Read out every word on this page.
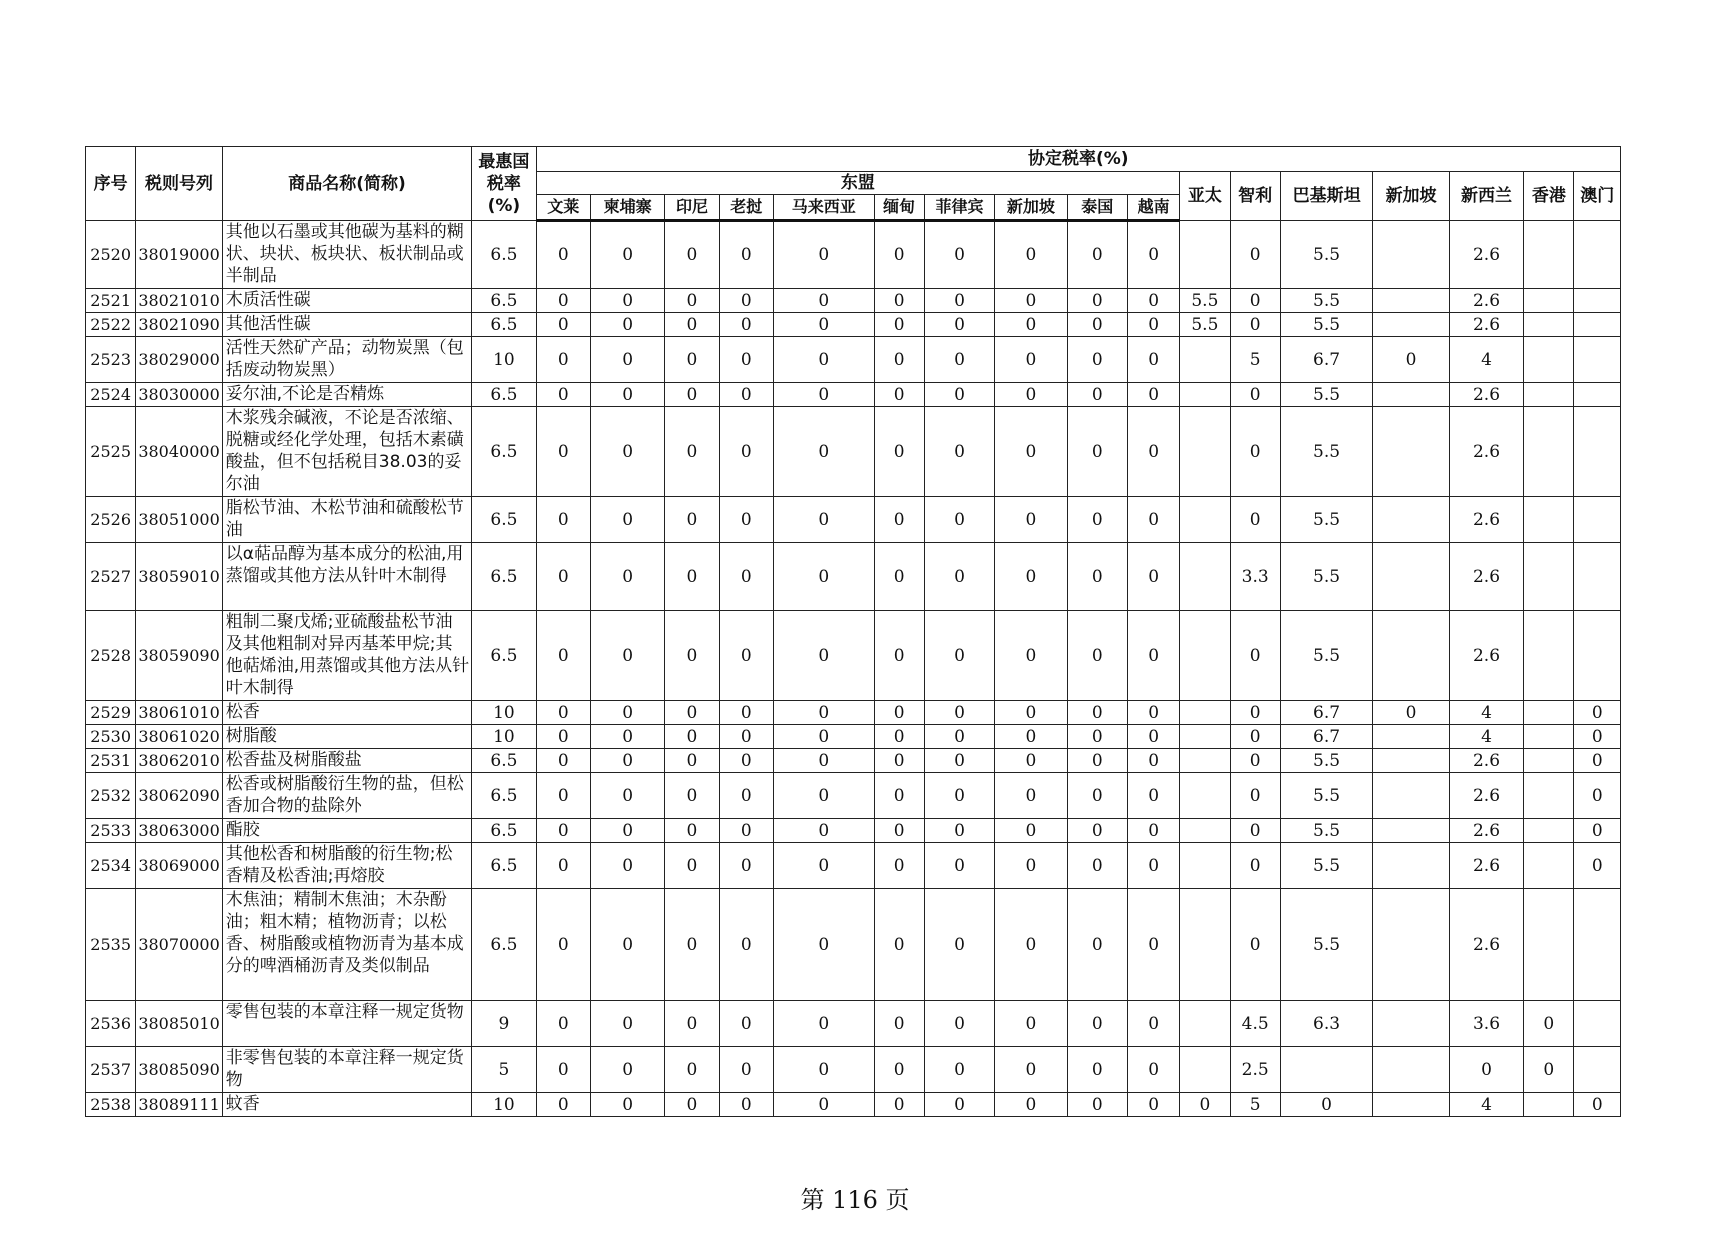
序号	税则号列	商品名称(简称)	最惠国税率(%)	协定税率(%)																
				东盟										亚太	智利	巴基斯坦	新加坡	新西兰	香港	澳门
				文莱	柬埔寨	印尼	老挝	马来西亚	缅甸	菲律宾	新加坡	泰国	越南							
2520	38019000	其他以石墨或其他碳为基料的糊状、块状、板块状、板状制品或半制品	6.5	0	0	0	0	0	0	0	0	0	0		0	5.5		2.6		
2521	38021010	木质活性碳	6.5	0	0	0	0	0	0	0	0	0	0	5.5	0	5.5		2.6		
2522	38021090	其他活性碳	6.5	0	0	0	0	0	0	0	0	0	0	5.5	0	5.5		2.6		
2523	38029000	活性天然矿产品；动物炭黑（包括废动物炭黑）	10	0	0	0	0	0	0	0	0	0	0		5	6.7	0	4		
2524	38030000	妥尔油,不论是否精炼	6.5	0	0	0	0	0	0	0	0	0	0		0	5.5		2.6		
2525	38040000	木浆残余碱液，不论是否浓缩、脱糖或经化学处理，包括木素磺酸盐，但不包括税目38.03的妥尔油	6.5	0	0	0	0	0	0	0	0	0	0		0	5.5		2.6		
2526	38051000	脂松节油、木松节油和硫酸松节油	6.5	0	0	0	0	0	0	0	0	0	0		0	5.5		2.6		
2527	38059010	以α萜品醇为基本成分的松油,用蒸馏或其他方法从针叶木制得	6.5	0	0	0	0	0	0	0	0	0	0		3.3	5.5		2.6		
2528	38059090	粗制二聚戊烯;亚硫酸盐松节油及其他粗制对异丙基苯甲烷;其他萜烯油,用蒸馏或其他方法从针叶木制得	6.5	0	0	0	0	0	0	0	0	0	0		0	5.5		2.6		
2529	38061010	松香	10	0	0	0	0	0	0	0	0	0	0		0	6.7	0	4		0
2530	38061020	树脂酸	10	0	0	0	0	0	0	0	0	0	0		0	6.7		4		0
2531	38062010	松香盐及树脂酸盐	6.5	0	0	0	0	0	0	0	0	0	0		0	5.5		2.6		0
2532	38062090	松香或树脂酸衍生物的盐，但松香加合物的盐除外	6.5	0	0	0	0	0	0	0	0	0	0		0	5.5		2.6		0
2533	38063000	酯胶	6.5	0	0	0	0	0	0	0	0	0	0		0	5.5		2.6		0
2534	38069000	其他松香和树脂酸的衍生物;松香精及松香油;再熔胶	6.5	0	0	0	0	0	0	0	0	0	0		0	5.5		2.6		0
2535	38070000	木焦油；精制木焦油；木杂酚油；粗木精；植物沥青；以松香、树脂酸或植物沥青为基本成分的啤酒桶沥青及类似制品	6.5	0	0	0	0	0	0	0	0	0	0		0	5.5		2.6		
2536	38085010	零售包装的本章注释一规定货物	9	0	0	0	0	0	0	0	0	0	0		4.5	6.3		3.6	0	
2537	38085090	非零售包装的本章注释一规定货物	5	0	0	0	0	0	0	0	0	0	0		2.5			0	0	
2538	38089111	蚊香	10	0	0	0	0	0	0	0	0	0	0	0	5	0		4		0
第 116 页
